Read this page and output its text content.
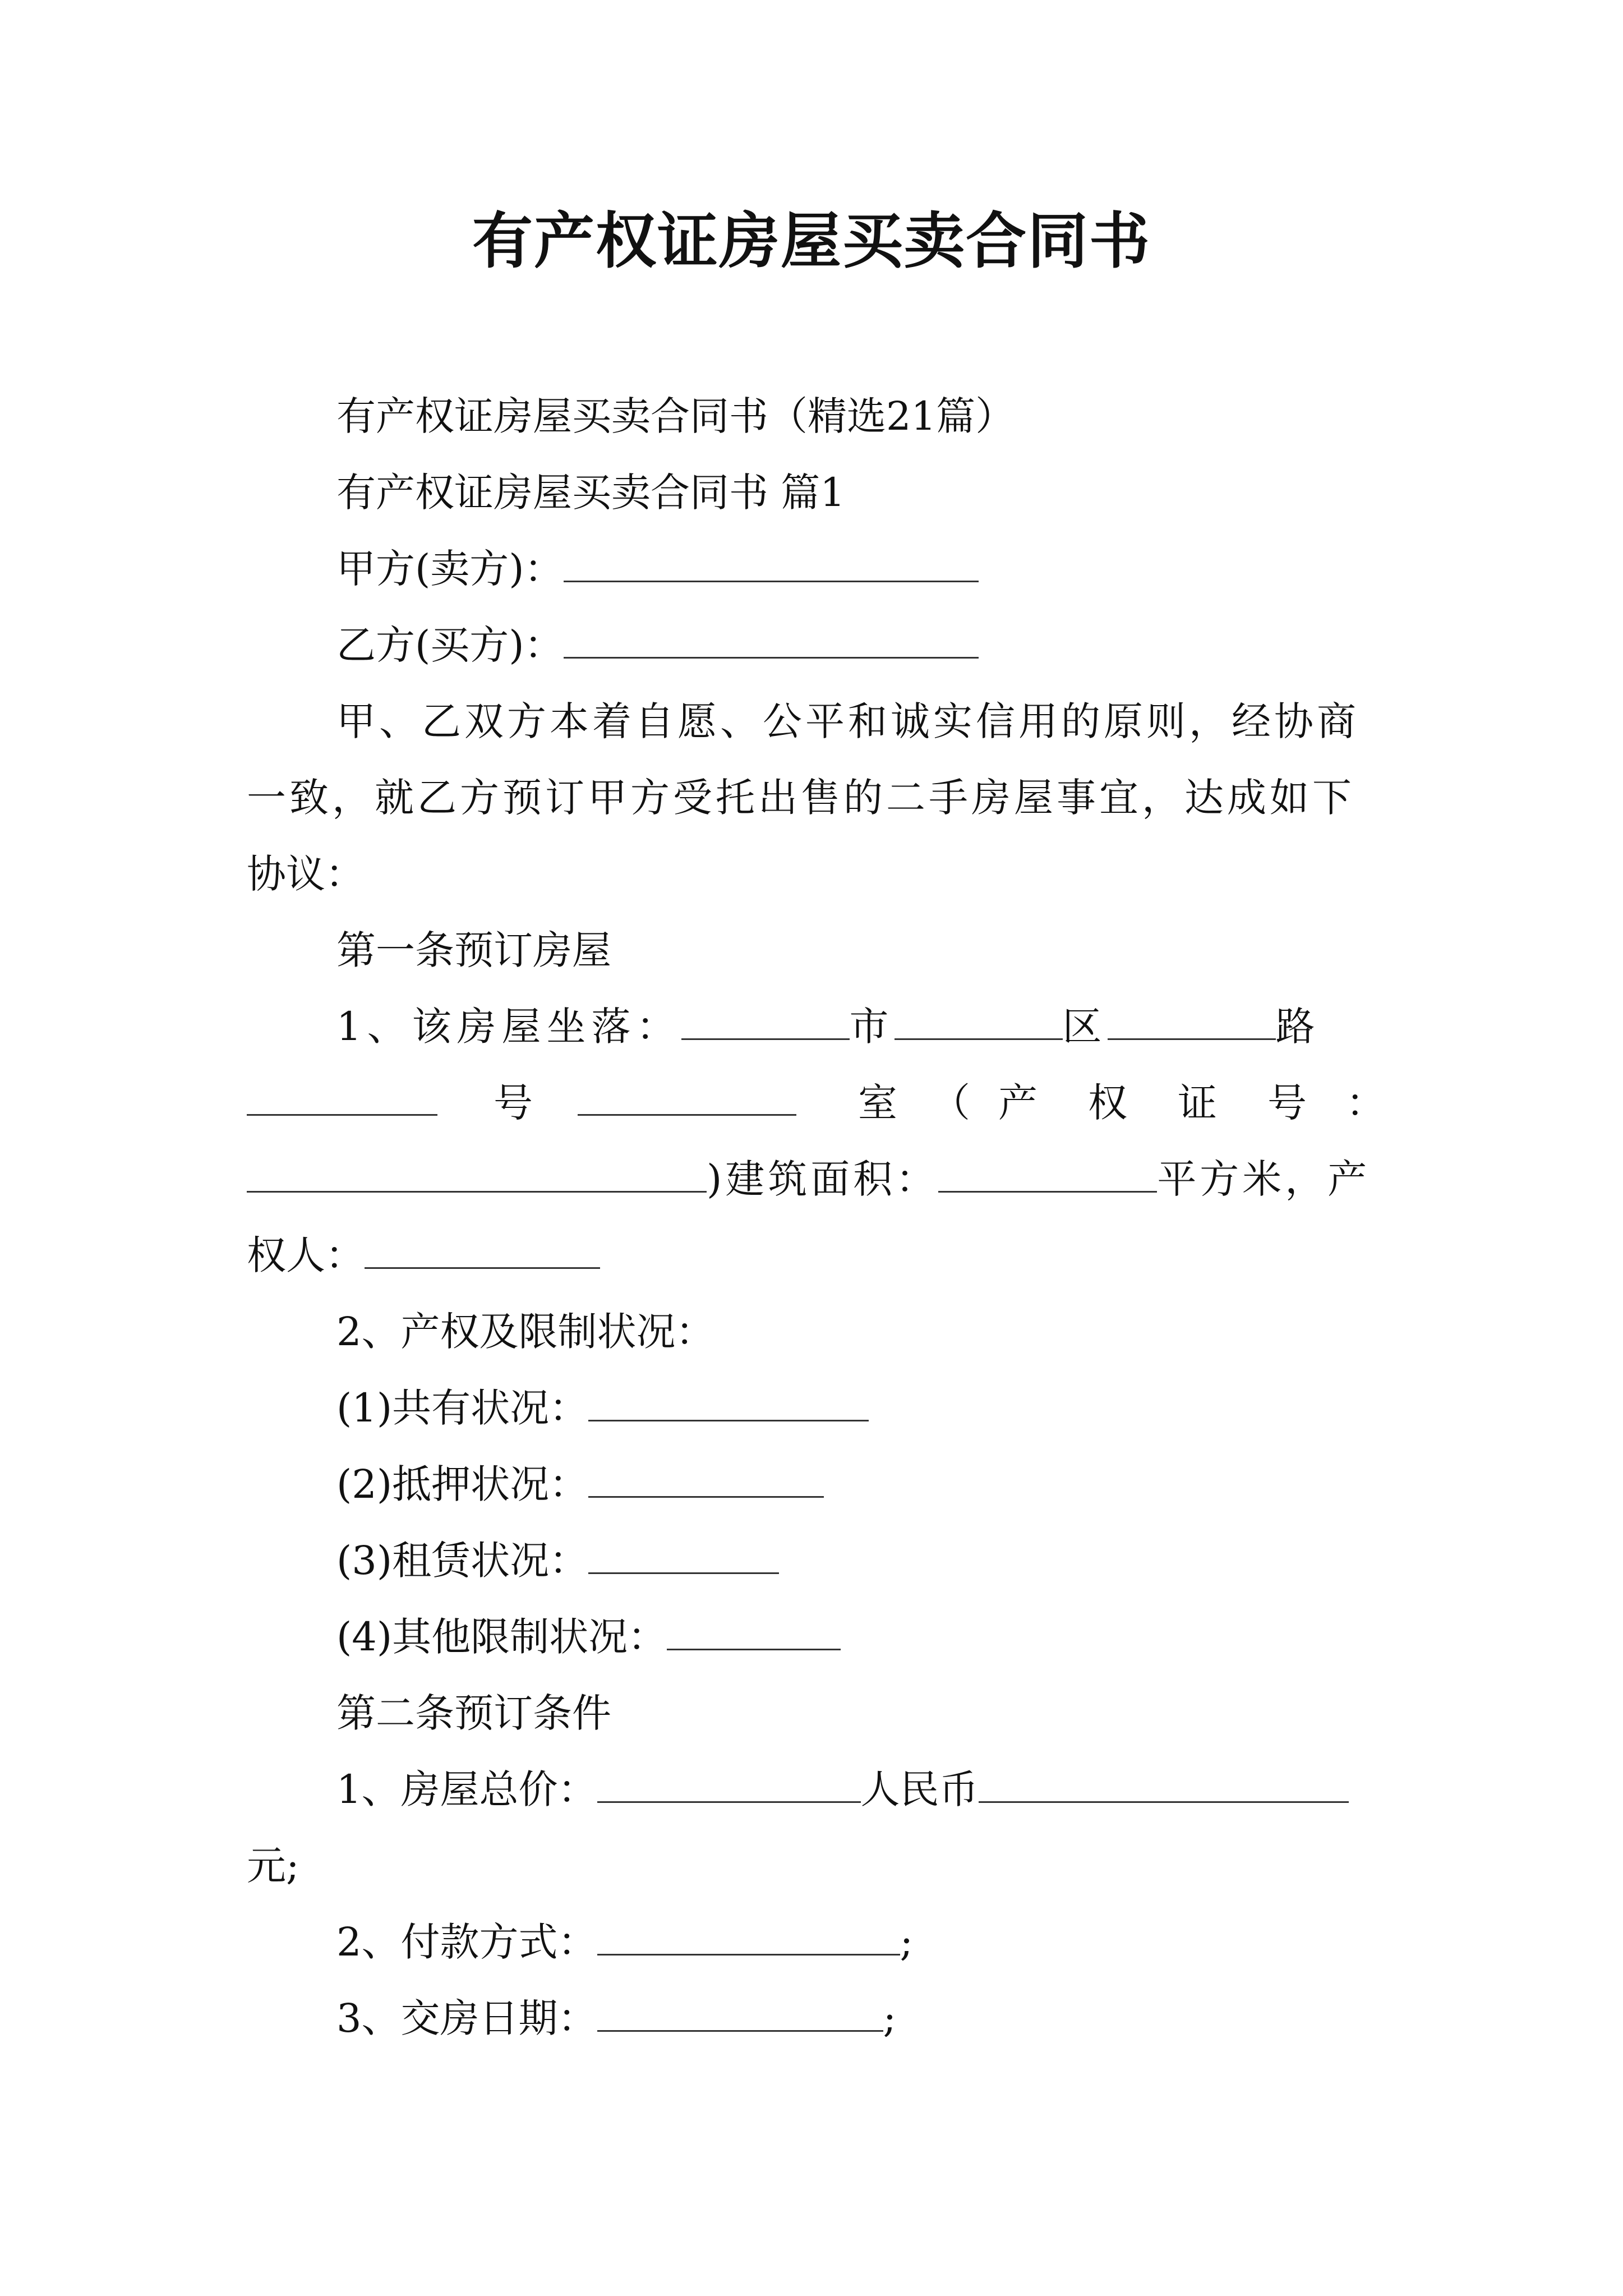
有产权证房屋买卖合同书
有产权证房屋买卖合同书（精选21篇）
有产权证房屋买卖合同书 篇1
甲方(卖方)：
乙方(买方)：
甲、乙双方本着自愿、公平和诚实信用的原则，经协商
一致，就乙方预订甲方受托出售的二手房屋事宜，达成如下
协议：
第一条预订房屋
1、该房屋坐落：	市	区	路
号	室 （ 产 权 证 号 ：
)建筑面积：	平方米，产
权人：
2、产权及限制状况：
(1)共有状况：
(2)抵押状况：
(3)租赁状况：
(4)其他限制状况：
第二条预订条件
1、房屋总价：	人民币
元;
2、付款方式：	;
3、交房日期：	;
